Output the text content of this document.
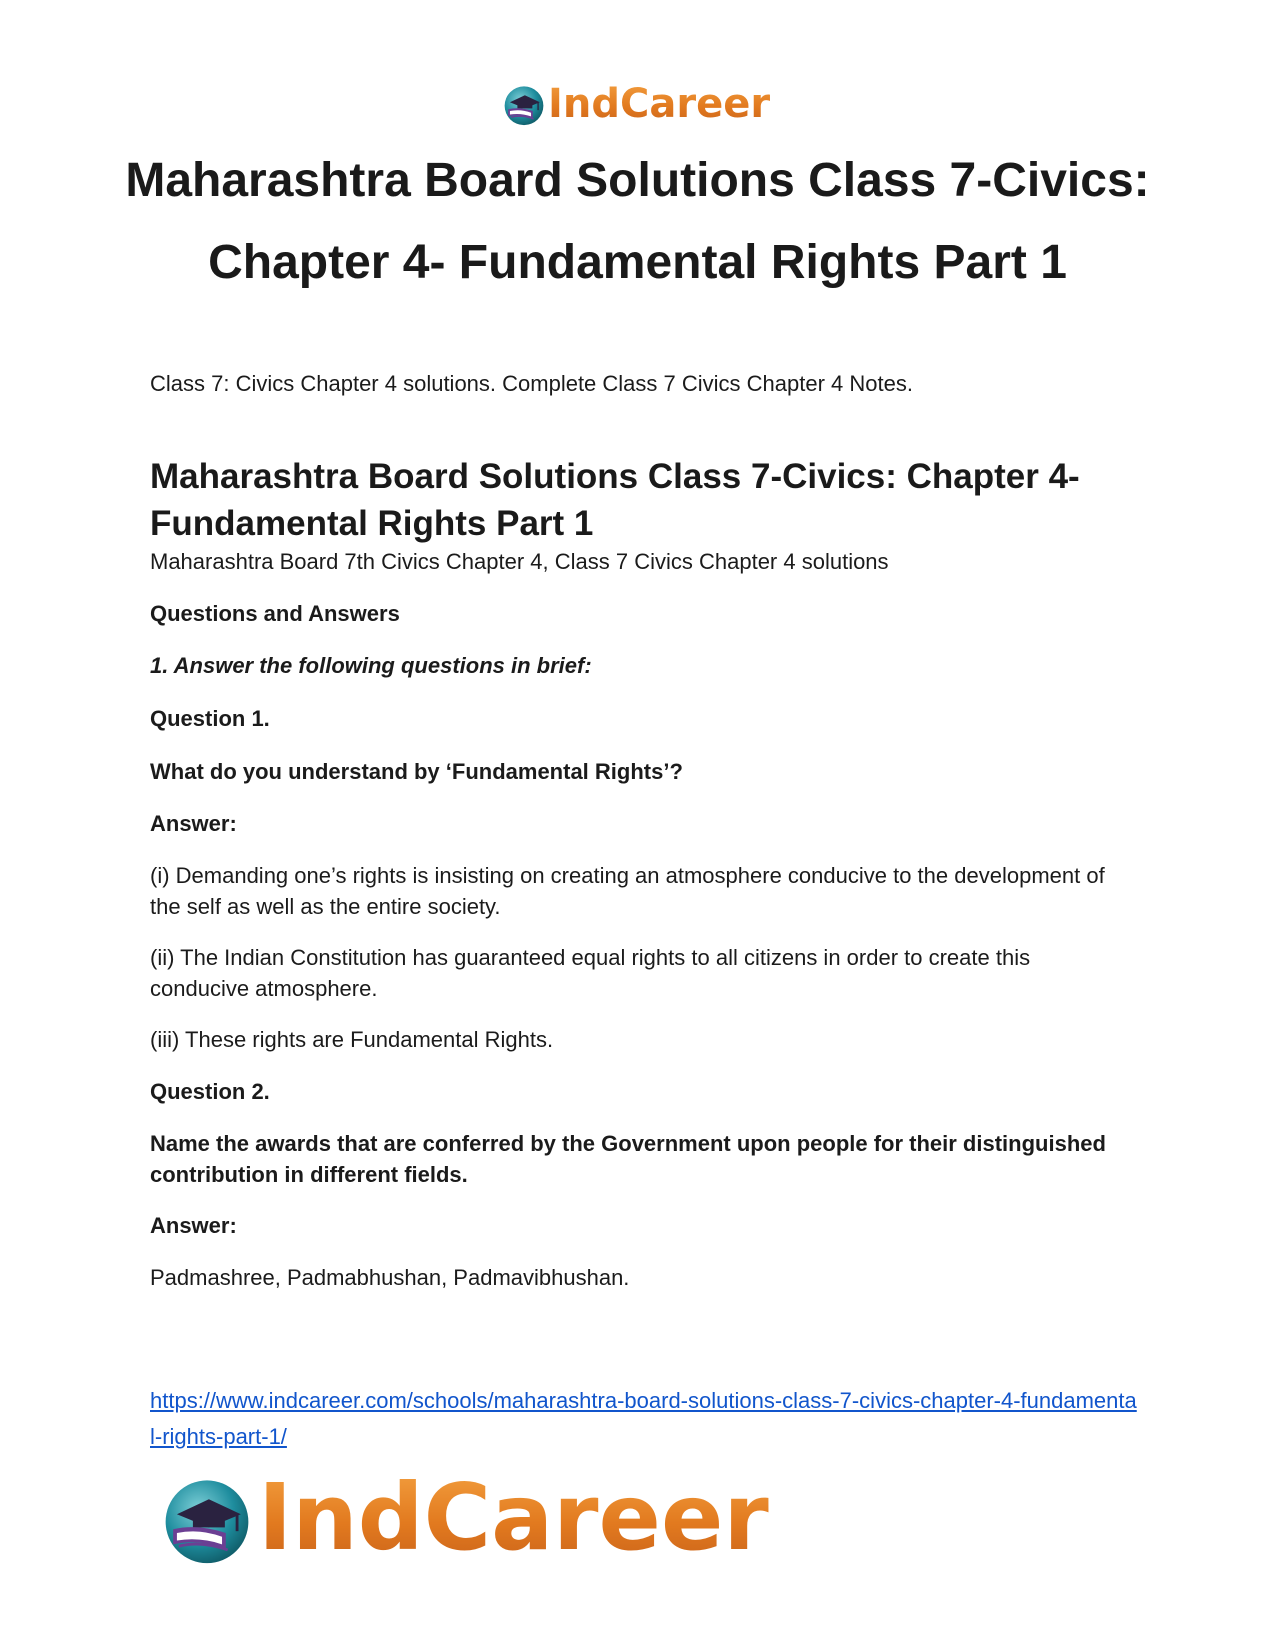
IndCareer
Maharashtra Board Solutions Class 7-Civics: Chapter 4- Fundamental Rights Part 1

Class 7: Civics Chapter 4 solutions. Complete Class 7 Civics Chapter 4 Notes.

Maharashtra Board Solutions Class 7-Civics: Chapter 4- Fundamental Rights Part 1

Maharashtra Board 7th Civics Chapter 4, Class 7 Civics Chapter 4 solutions

Questions and Answers

1. Answer the following questions in brief:

Question 1.

What do you understand by ‘Fundamental Rights’?

Answer:

(i) Demanding one’s rights is insisting on creating an atmosphere conducive to the development of the self as well as the entire society.

(ii) The Indian Constitution has guaranteed equal rights to all citizens in order to create this conducive atmosphere.

(iii) These rights are Fundamental Rights.

Question 2.

Name the awards that are conferred by the Government upon people for their distinguished contribution in different fields.

Answer:

Padmashree, Padmabhushan, Padmavibhushan.

https://www.indcareer.com/schools/maharashtra-board-solutions-class-7-civics-chapter-4-fundamental-rights-part-1/
IndCareer
